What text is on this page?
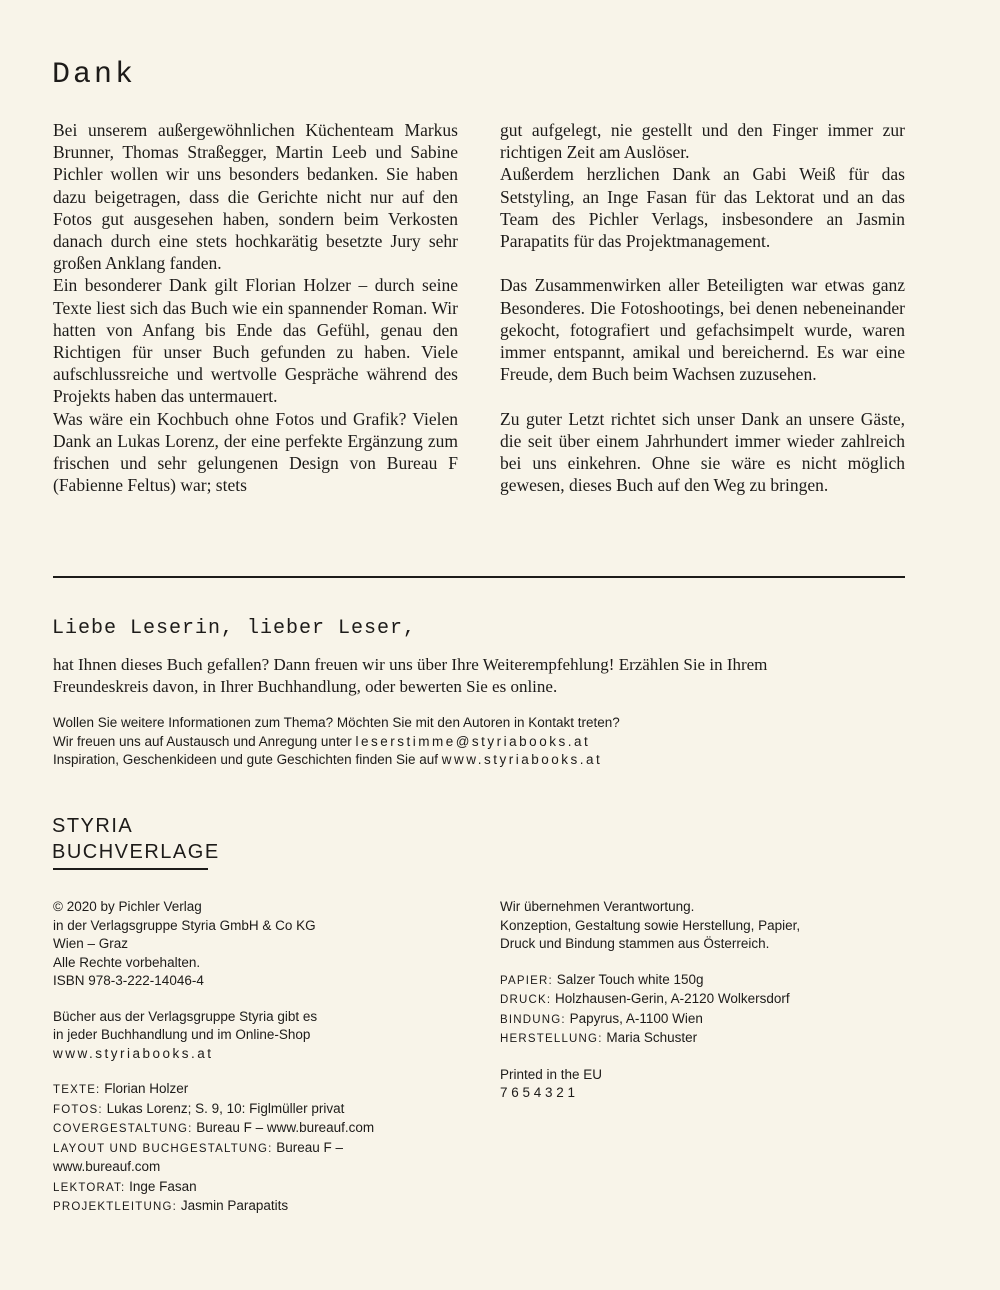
Dank

Bei unserem außergewöhnlichen Küchenteam Markus Brunner, Thomas Straßegger, Martin Leeb und Sabine Pichler wollen wir uns besonders bedanken. Sie haben dazu beigetragen, dass die Gerichte nicht nur auf den Fotos gut ausgesehen haben, sondern beim Verkosten danach durch eine stets hochkarätig besetzte Jury sehr großen Anklang fanden.

Ein besonderer Dank gilt Florian Holzer – durch seine Texte liest sich das Buch wie ein spannender Roman. Wir hatten von Anfang bis Ende das Gefühl, genau den Richtigen für unser Buch gefunden zu haben. Viele aufschlussreiche und wertvolle Gespräche während des Projekts haben das untermauert.

Was wäre ein Kochbuch ohne Fotos und Grafik? Vielen Dank an Lukas Lorenz, der eine perfekte Ergänzung zum frischen und sehr gelungenen Design von Bureau F (Fabienne Feltus) war; stets

gut aufgelegt, nie gestellt und den Finger immer zur richtigen Zeit am Auslöser.

Außerdem herzlichen Dank an Gabi Weiß für das Setstyling, an Inge Fasan für das Lektorat und an das Team des Pichler Verlags, insbesondere an Jasmin Parapatits für das Projektmanagement.

Das Zusammenwirken aller Beteiligten war etwas ganz Besonderes. Die Fotoshootings, bei denen nebeneinander gekocht, fotografiert und gefachsimpelt wurde, waren immer entspannt, amikal und bereichernd. Es war eine Freude, dem Buch beim Wachsen zuzusehen.

Zu guter Letzt richtet sich unser Dank an unsere Gäste, die seit über einem Jahrhundert immer wieder zahlreich bei uns einkehren. Ohne sie wäre es nicht möglich gewesen, dieses Buch auf den Weg zu bringen.

Liebe Leserin, lieber Leser,

hat Ihnen dieses Buch gefallen? Dann freuen wir uns über Ihre Weiterempfehlung! Erzählen Sie in Ihrem Freundeskreis davon, in Ihrer Buchhandlung, oder bewerten Sie es online.

Wollen Sie weitere Informationen zum Thema? Möchten Sie mit den Autoren in Kontakt treten?
Wir freuen uns auf Austausch und Anregung unter leserstimme@styriabooks.at
Inspiration, Geschenkideen und gute Geschichten finden Sie auf www.styriabooks.at
STYRIA
BUCHVERLAGE
© 2020 by Pichler Verlag
in der Verlagsgruppe Styria GmbH & Co KG
Wien – Graz
Alle Rechte vorbehalten.
ISBN 978-3-222-14046-4
Bücher aus der Verlagsgruppe Styria gibt es
in jeder Buchhandlung und im Online-Shop
www.styriabooks.at
TEXTE: Florian Holzer
FOTOS: Lukas Lorenz; S. 9, 10: Figlmüller privat
COVERGESTALTUNG: Bureau F – www.bureauf.com
LAYOUT UND BUCHGESTALTUNG: Bureau F –
www.bureauf.com
LEKTORAT: Inge Fasan
PROJEKTLEITUNG: Jasmin Parapatits
Wir übernehmen Verantwortung.
Konzeption, Gestaltung sowie Herstellung, Papier,
Druck und Bindung stammen aus Österreich.
PAPIER: Salzer Touch white 150g
DRUCK: Holzhausen-Gerin, A-2120 Wolkersdorf
BINDUNG: Papyrus, A-1100 Wien
HERSTELLUNG: Maria Schuster
Printed in the EU
7 6 5 4 3 2 1
